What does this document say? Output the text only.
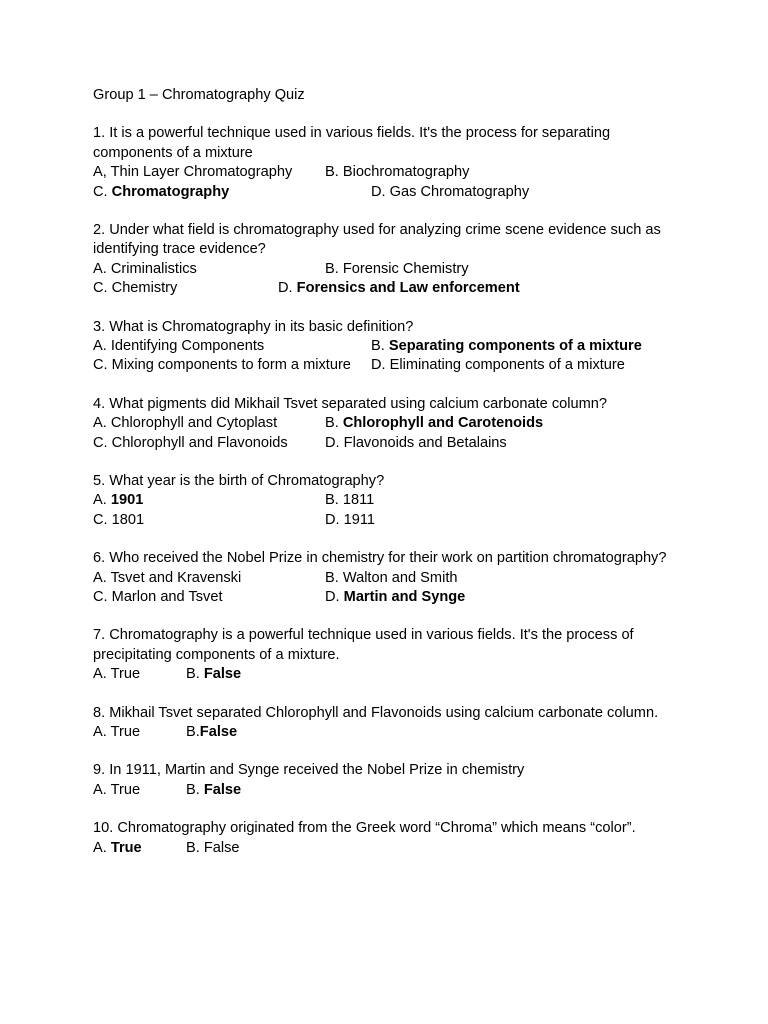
Group 1 – Chromatography Quiz
1. It is a powerful technique used in various fields. It's the process for separating components of a mixture
A, Thin Layer Chromatography B. Biochromatography
C. Chromatography	D. Gas Chromatography
2. Under what field is chromatography used for analyzing crime scene evidence such as identifying trace evidence?
A. Criminalistics	B. Forensic Chemistry
C. Chemistry	D. Forensics and Law enforcement
3. What is Chromatography in its basic definition?
A. Identifying Components	B. Separating components of a mixture
C. Mixing components to form a mixture D. Eliminating components of a mixture
4. What pigments did Mikhail Tsvet separated using calcium carbonate column?
A. Chlorophyll and Cytoplast	B. Chlorophyll and Carotenoids
C. Chlorophyll and Flavonoids	D. Flavonoids and Betalains
5. What year is the birth of Chromatography?
A. 1901	B. 1811
C. 1801	D. 1911
6. Who received the Nobel Prize in chemistry for their work on partition chromatography?
A. Tsvet and Kravenski	B. Walton and Smith
C. Marlon and Tsvet	D. Martin and Synge
7. Chromatography is a powerful technique used in various fields. It's the process of precipitating components of a mixture.
A. True	B. False
8. Mikhail Tsvet separated Chlorophyll and Flavonoids using calcium carbonate column.
A. True	B.False
9. In 1911, Martin and Synge received the Nobel Prize in chemistry
A. True	B. False
10. Chromatography originated from the Greek word “Chroma” which means “color”.
A. True	B. False
